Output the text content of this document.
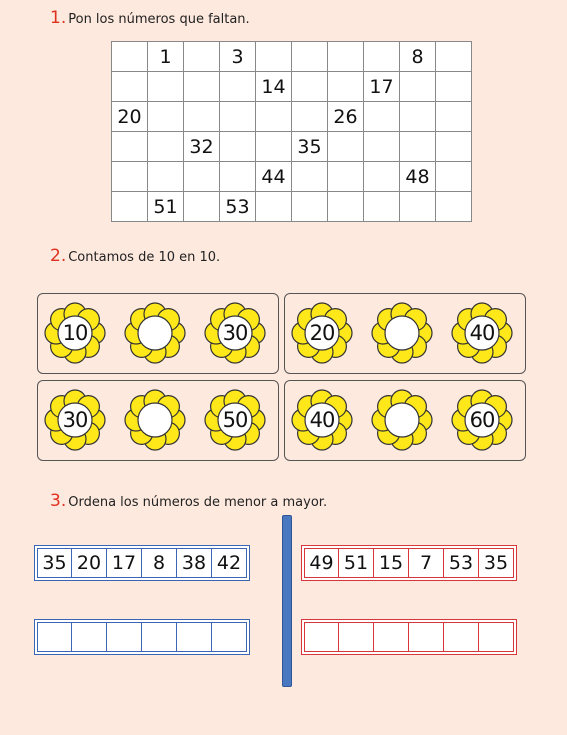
1. Pon los números que faltan.
	1		3					8	
				14			17		
20						26			
		32			35				
				44				48	
	51		53						
2. Contamos de 10 en 10.
10	30	20	40
30	50	40	60
3. Ordena los números de menor a mayor.
35 20 17 8 38 42	49 51 15 7 53 35
